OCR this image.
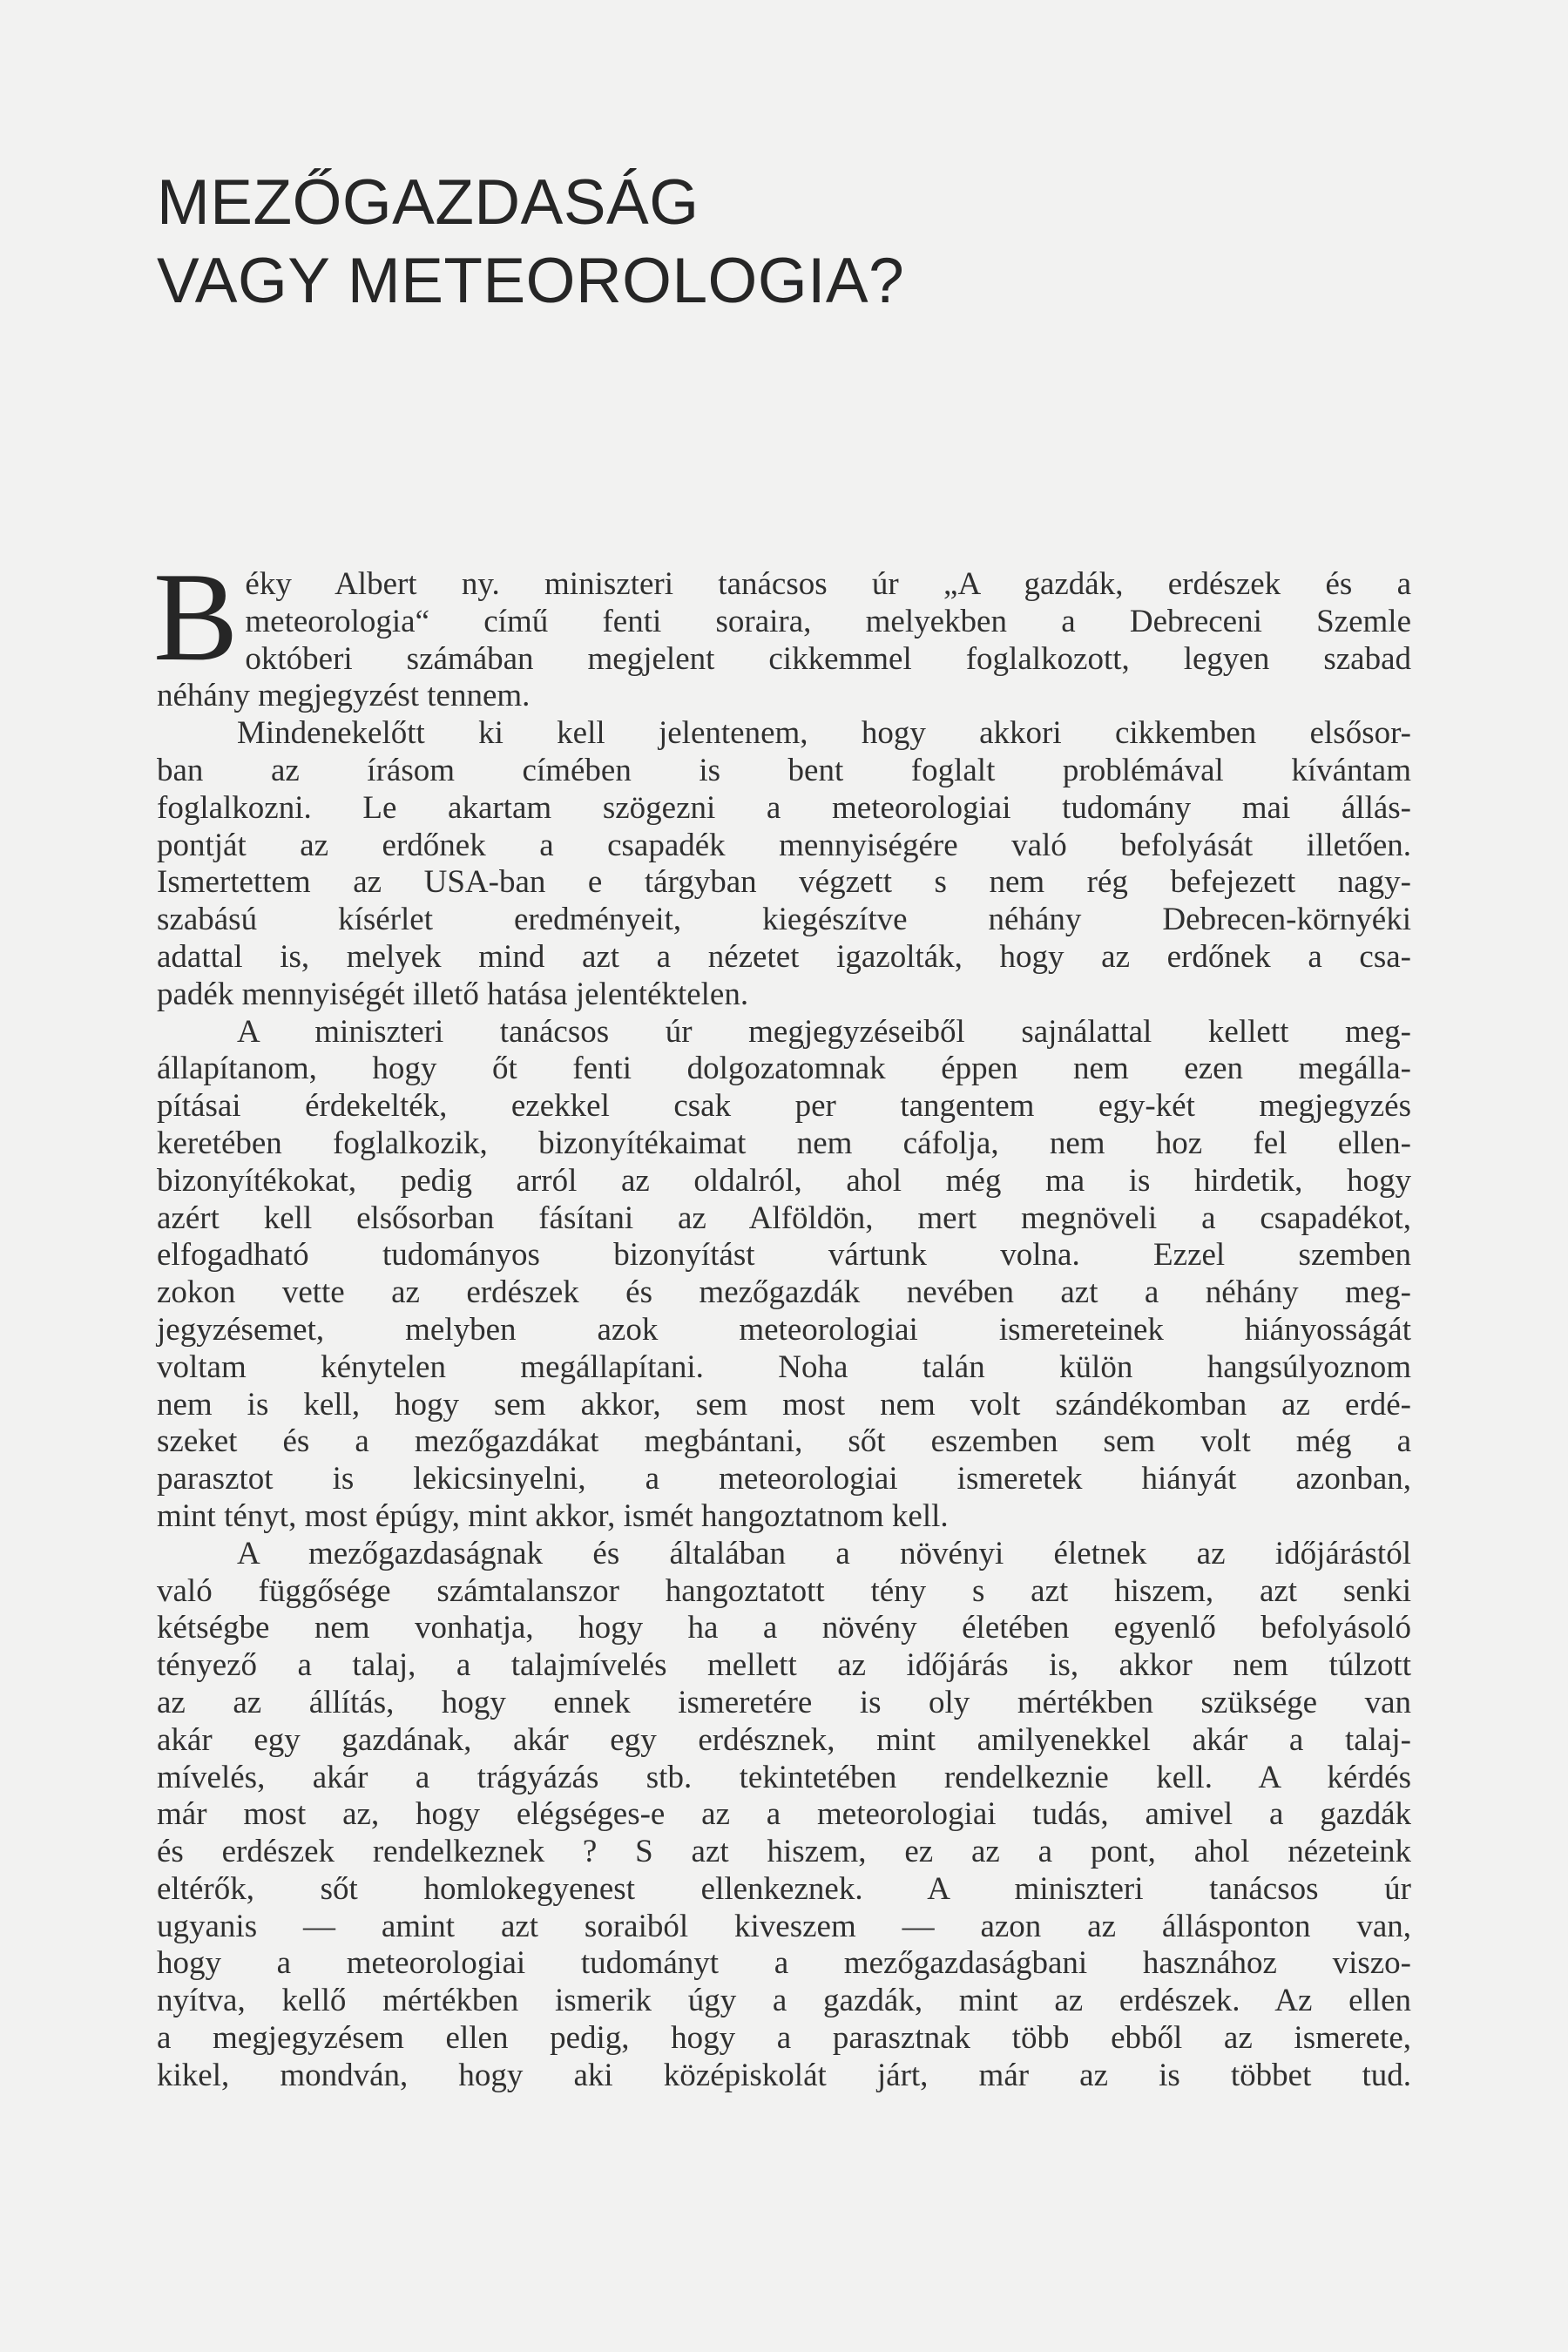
MEZŐGAZDASÁG
VAGY METEOROLOGIA?
B éky Albert ny. miniszteri tanácsos úr „A gazdák, erdészek és a

meteorologia“ című fenti soraira, melyekben a Debreceni Szemle

októberi számában megjelent cikkemmel foglalkozott, legyen szabad

néhány megjegyzést tennem.

Mindenekelőtt ki kell jelentenem, hogy akkori cikkemben elsősor-

ban az írásom címében is bent foglalt problémával kívántam

foglalkozni. Le akartam szögezni a meteorologiai tudomány mai állás-

pontját az erdőnek a csapadék mennyiségére való befolyását illetően.

Ismertettem az USA-ban e tárgyban végzett s nem rég befejezett nagy-

szabású kísérlet eredményeit, kiegészítve néhány Debrecen-környéki

adattal is, melyek mind azt a nézetet igazolták, hogy az erdőnek a csa-

padék mennyiségét illető hatása jelentéktelen.

A miniszteri tanácsos úr megjegyzéseiből sajnálattal kellett meg-

állapítanom, hogy őt fenti dolgozatomnak éppen nem ezen megálla-

pításai érdekelték, ezekkel csak per tangentem egy-két megjegyzés

keretében foglalkozik, bizonyítékaimat nem cáfolja, nem hoz fel ellen-

bizonyítékokat, pedig arról az oldalról, ahol még ma is hirdetik, hogy

azért kell elsősorban fásítani az Alföldön, mert megnöveli a csapadékot,

elfogadható tudományos bizonyítást vártunk volna. Ezzel szemben

zokon vette az erdészek és mezőgazdák nevében azt a néhány meg-

jegyzésemet, melyben azok meteorologiai ismereteinek hiányosságát

voltam kénytelen megállapítani. Noha talán külön hangsúlyoznom

nem is kell, hogy sem akkor, sem most nem volt szándékomban az erdé-

szeket és a mezőgazdákat megbántani, sőt eszemben sem volt még a

parasztot is lekicsinyelni, a meteorologiai ismeretek hiányát azonban,

mint tényt, most épúgy, mint akkor, ismét hangoztatnom kell.

A mezőgazdaságnak és általában a növényi életnek az időjárástól

való függősége számtalanszor hangoztatott tény s azt hiszem, azt senki

kétségbe nem vonhatja, hogy ha a növény életében egyenlő befolyásoló

tényező a talaj, a talajmívelés mellett az időjárás is, akkor nem túlzott

az az állítás, hogy ennek ismeretére is oly mértékben szüksége van

akár egy gazdának, akár egy erdésznek, mint amilyenekkel akár a talaj-

mívelés, akár a trágyázás stb. tekintetében rendelkeznie kell. A kérdés

már most az, hogy elégséges-e az a meteorologiai tudás, amivel a gazdák

és erdészek rendelkeznek ? S azt hiszem, ez az a pont, ahol nézeteink

eltérők, sőt homlokegyenest ellenkeznek. A miniszteri tanácsos úr

ugyanis — amint azt soraiból kiveszem — azon az állásponton van,

hogy a meteorologiai tudományt a mezőgazdaságbani hasznához viszo-

nyítva, kellő mértékben ismerik úgy a gazdák, mint az erdészek. Az ellen

a megjegyzésem ellen pedig, hogy a parasztnak több ebből az ismerete,

kikel, mondván, hogy aki középiskolát járt, már az is többet tud.
